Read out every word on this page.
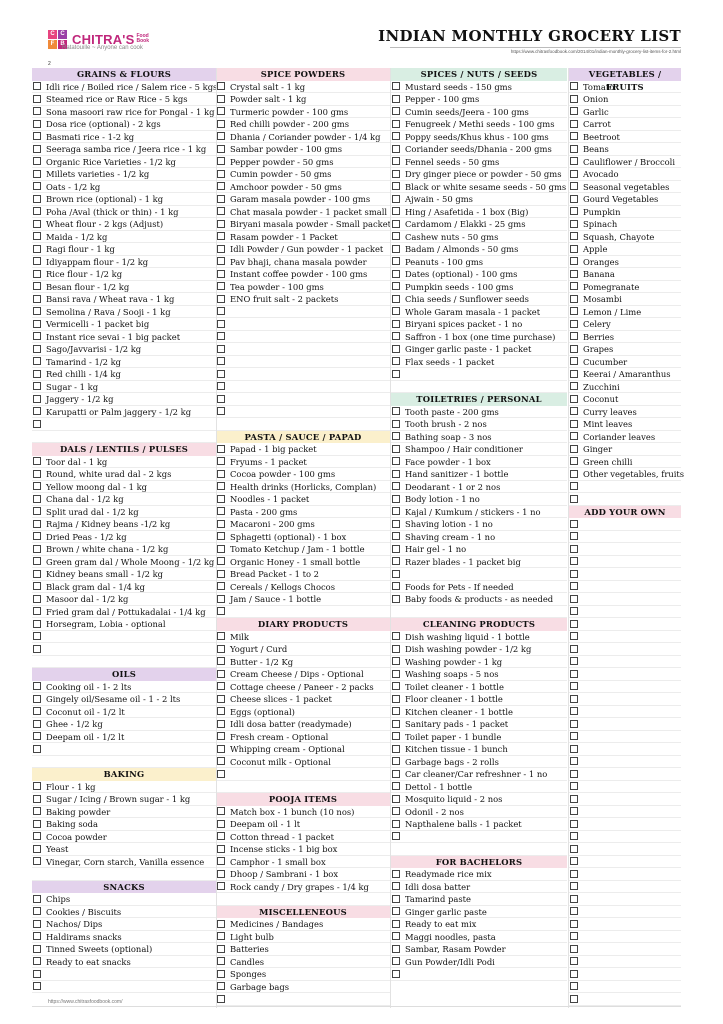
C C
F	B CHITRA'S Food Book
Ratatouille ~ Anyone can cook
INDIAN MONTHLY GROCERY LIST
https://www.chitrasfoodbook.com/2014/01/indian-monthly-grocery-list-items-for-2.html
2
GRAINS & FLOURS
Idli rice / Boiled rice / Salem rice - 5 kgs
Steamed rice or Raw Rice - 5 kgs
Sona masoori raw rice for Pongal - 1 kg
Dosa rice (optional) - 2 kgs
Basmati rice - 1-2 kg
Seeraga samba rice / Jeera rice - 1 kg
Organic Rice Varieties - 1/2 kg
Millets varieties - 1/2 kg
Oats - 1/2 kg
Brown rice (optional) - 1 kg
Poha /Aval (thick or thin) - 1 kg
Wheat flour - 2 kgs (Adjust)
Maida - 1/2 kg
Ragi flour - 1 kg
Idiyappam flour - 1/2 kg
Rice flour - 1/2 kg
Besan flour - 1/2 kg
Bansi rava / Wheat rava - 1 kg
Semolina / Rava / Sooji - 1 kg
Vermicelli - 1 packet big
Instant rice sevai - 1 big packet
Sago/Javvarisi - 1/2 kg
Tamarind - 1/2 kg
Red chilli - 1/4 kg
Sugar - 1 kg
Jaggery - 1/2 kg
Karupatti or Palm jaggery - 1/2 kg
DALS / LENTILS / PULSES
Toor dal - 1 kg
Round, white urad dal - 2 kgs
Yellow moong dal - 1 kg
Chana dal - 1/2 kg
Split urad dal - 1/2 kg
Rajma / Kidney beans -1/2 kg
Dried Peas - 1/2 kg
Brown / white chana - 1/2 kg
Green gram dal / Whole Moong - 1/2 kg
Kidney beans small - 1/2 kg
Black gram dal - 1/4 kg
Masoor dal - 1/2 kg
Fried gram dal / Pottukadalai - 1/4 kg
Horsegram, Lobia - optional
OILS
Cooking oil - 1- 2 lts
Gingely oil/Sesame oil - 1 - 2 lts
Coconut oil - 1/2 lt
Ghee - 1/2 kg
Deepam oil - 1/2 lt
BAKING
Flour - 1 kg
Sugar / Icing / Brown sugar - 1 kg
Baking powder
Baking soda
Cocoa powder
Yeast
Vinegar, Corn starch, Vanilla essence
SNACKS
Chips
Cookies / Biscuits
Nachos/ Dips
Haldirams snacks
Tinned Sweets (optional)
Ready to eat snacks
SPICE POWDERS
Crystal salt - 1 kg
Powder salt - 1 kg
Turmeric powder - 100 gms
Red chilli powder - 200 gms
Dhania / Coriander powder - 1/4 kg
Sambar powder - 100 gms
Pepper powder - 50 gms
Cumin powder - 50 gms
Amchoor powder - 50 gms
Garam masala powder - 100 gms
Chat masala powder - 1 packet small
Biryani masala powder - Small packet
Rasam powder - 1 Packet
Idli Powder / Gun powder - 1 packet
Pav bhaji, chana masala powder
Instant coffee powder - 100 gms
Tea powder - 100 gms
ENO fruit salt - 2 packets
PASTA / SAUCE / PAPAD
Papad - 1 big packet
Fryums - 1 packet
Cocoa powder - 100 gms
Health drinks (Horlicks, Complan)
Noodles - 1 packet
Pasta - 200 gms
Macaroni - 200 gms
Sphagetti (optional) - 1 box
Tomato Ketchup / Jam - 1 bottle
Organic Honey - 1 small bottle
Bread Packet - 1 to 2
Cereals / Kellogs Chocos
Jam / Sauce - 1 bottle
DIARY PRODUCTS
Milk
Yogurt / Curd
Butter - 1/2 Kg
Cream Cheese / Dips - Optional
Cottage cheese / Paneer - 2 packs
Cheese slices - 1 packet
Eggs (optional)
Idli dosa batter (readymade)
Fresh cream - Optional
Whipping cream - Optional
Coconut milk - Optional
POOJA ITEMS
Match box - 1 bunch (10 nos)
Deepam oil - 1 lt
Cotton thread - 1 packet
Incense sticks - 1 big box
Camphor - 1 small box
Dhoop / Sambrani - 1 box
Rock candy / Dry grapes - 1/4 kg
MISCELLENEOUS
Medicines / Bandages
Light bulb
Batteries
Candles
Sponges
Garbage bags
SPICES / NUTS / SEEDS
Mustard seeds - 150 gms
Pepper - 100 gms
Cumin seeds/Jeera - 100 gms
Fenugreek / Methi seeds - 100 gms
Poppy seeds/Khus khus - 100 gms
Coriander seeds/Dhania - 200 gms
Fennel seeds - 50 gms
Dry ginger piece or powder - 50 gms
Black or white sesame seeds - 50 gms
Ajwain - 50 gms
Hing / Asafetida - 1 box (Big)
Cardamom / Elakki - 25 gms
Cashew nuts - 50 gms
Badam / Almonds - 50 gms
Peanuts - 100 gms
Dates (optional) - 100 gms
Pumpkin seeds - 100 gms
Chia seeds / Sunflower seeds
Whole Garam masala - 1 packet
Biryani spices packet - 1 no
Saffron - 1 box (one time purchase)
Ginger garlic paste - 1 packet
Flax seeds - 1 packet
TOILETRIES / PERSONAL
Tooth paste - 200 gms
Tooth brush - 2 nos
Bathing soap - 3 nos
Shampoo / Hair conditioner
Face powder - 1 box
Hand sanitizer - 1 bottle
Deodarant - 1 or 2 nos
Body lotion - 1 no
Kajal / Kumkum / stickers - 1 no
Shaving lotion - 1 no
Shaving cream - 1 no
Hair gel - 1 no
Razer blades - 1 packet big
Foods for Pets - If needed
Baby foods & products - as needed
CLEANING PRODUCTS
Dish washing liquid - 1 bottle
Dish washing powder - 1/2 kg
Washing powder - 1 kg
Washing soaps - 5 nos
Toilet cleaner - 1 bottle
Floor cleaner - 1 bottle
Kitchen cleaner - 1 bottle
Sanitary pads - 1 packet
Toilet paper - 1 bundle
Kitchen tissue - 1 bunch
Garbage bags - 2 rolls
Car cleaner/Car refreshner - 1 no
Dettol - 1 bottle
Mosquito liquid - 2 nos
Odonil - 2 nos
Napthalene balls - 1 packet
FOR BACHELORS
Readymade rice mix
Idli dosa batter
Tamarind paste
Ginger garlic paste
Ready to eat mix
Maggi noodles, pasta
Sambar, Rasam Powder
Gun Powder/Idli Podi
VEGETABLES / FRUITS
Tomato
Onion
Garlic
Carrot
Beetroot
Beans
Cauliflower / Broccoli
Avocado
Seasonal vegetables
Gourd Vegetables
Pumpkin
Spinach
Squash, Chayote
Apple
Oranges
Banana
Pomegranate
Mosambi
Lemon / Lime
Celery
Berries
Grapes
Cucumber
Keerai / Amaranthus
Zucchini
Coconut
Curry leaves
Mint leaves
Coriander leaves
Ginger
Green chilli
Other vegetables, fruits
ADD YOUR OWN
https://www.chitrasfoodbook.com/
